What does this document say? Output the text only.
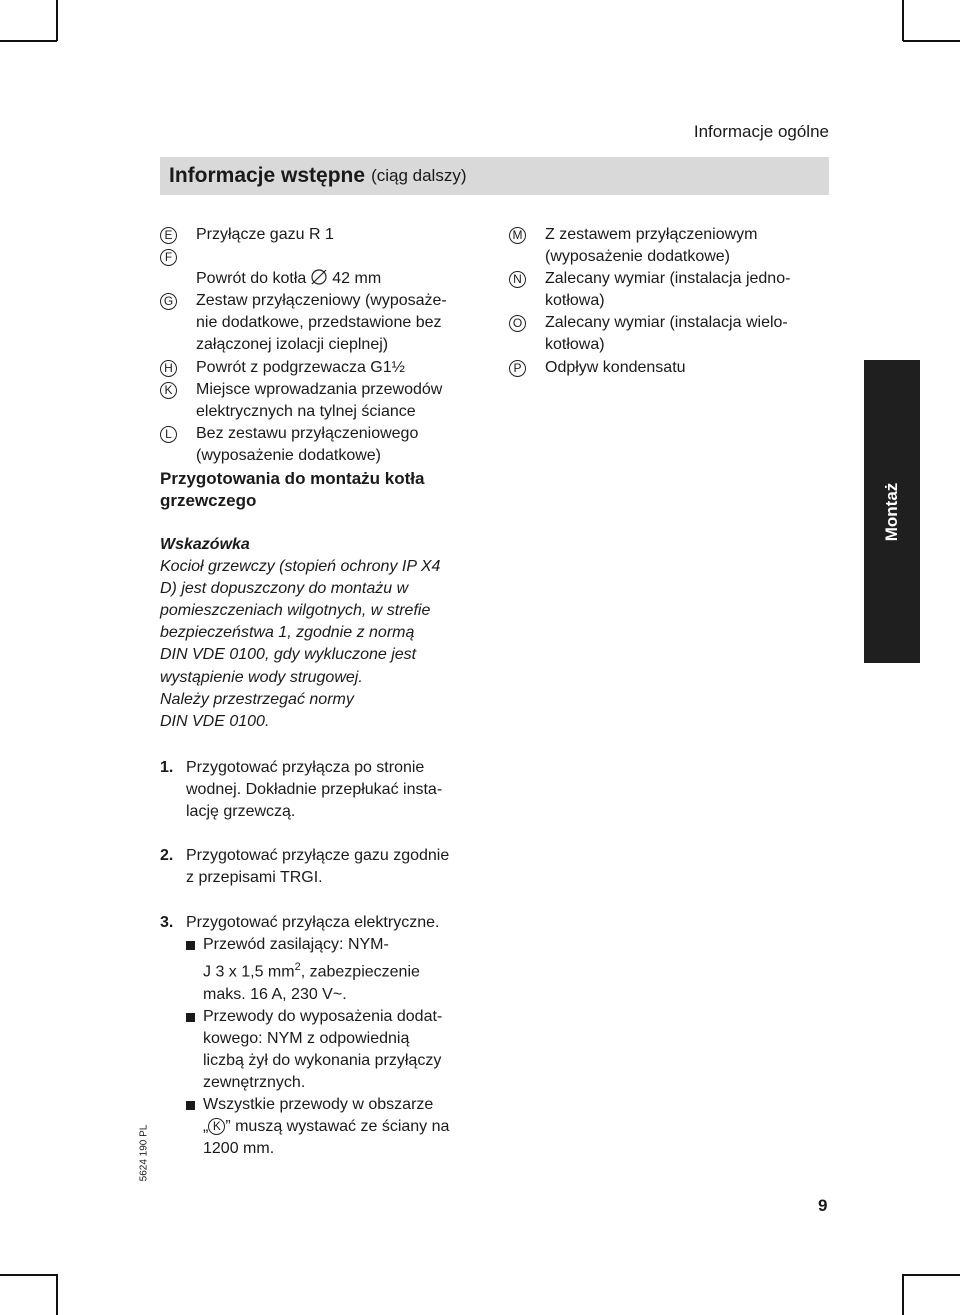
Informacje ogólne
Informacje wstępne (ciąg dalszy)
E Przyłącze gazu R 1
F

Powrót do kotła 42 mm

G Zestaw przyłączeniowy (wyposaże-
nie dodatkowe, przedstawione bez
załączonej izolacji cieplnej)
H Powrót z podgrzewacza G1½
K Miejsce wprowadzania przewodów
elektrycznych na tylnej ściance
L	Bez zestawu przyłączeniowego
(wyposażenie dodatkowe)
M Z zestawem przyłączeniowym
(wyposażenie dodatkowe)
N Zalecany wymiar (instalacja jedno-
kotłowa)
O Zalecany wymiar (instalacja wielo-
kotłowa)
P Odpływ kondensatu
Przygotowania do montażu kotła
grzewczego
Wskazówka
Kocioł grzewczy (stopień ochrony IP X4
D) jest dopuszczony do montażu w
pomieszczeniach wilgotnych, w strefie
bezpieczeństwa 1, zgodnie z normą
DIN VDE 0100, gdy wykluczone jest
wystąpienie wody strugowej.
Należy przestrzegać normy
DIN VDE 0100.
1. Przygotować przyłącza po stronie
wodnej. Dokładnie przepłukać insta-
lację grzewczą.
2. Przygotować przyłącze gazu zgodnie
z przepisami TRGI.
3. Przygotować przyłącza elektryczne.
Przewód zasilający: NYM-
J 3 x 1,5 $mm^2$, zabezpieczenie
maks. 16 A, 230 V~.
Przewody do wyposażenia dodat-
kowego: NYM z odpowiednią
liczbą żył do wykonania przyłączy
zewnętrznych.
Wszystkie przewody w obszarze
„ K ” muszą wystawać ze ściany na
1200 mm.
Montaż
5624 190 PL
9
